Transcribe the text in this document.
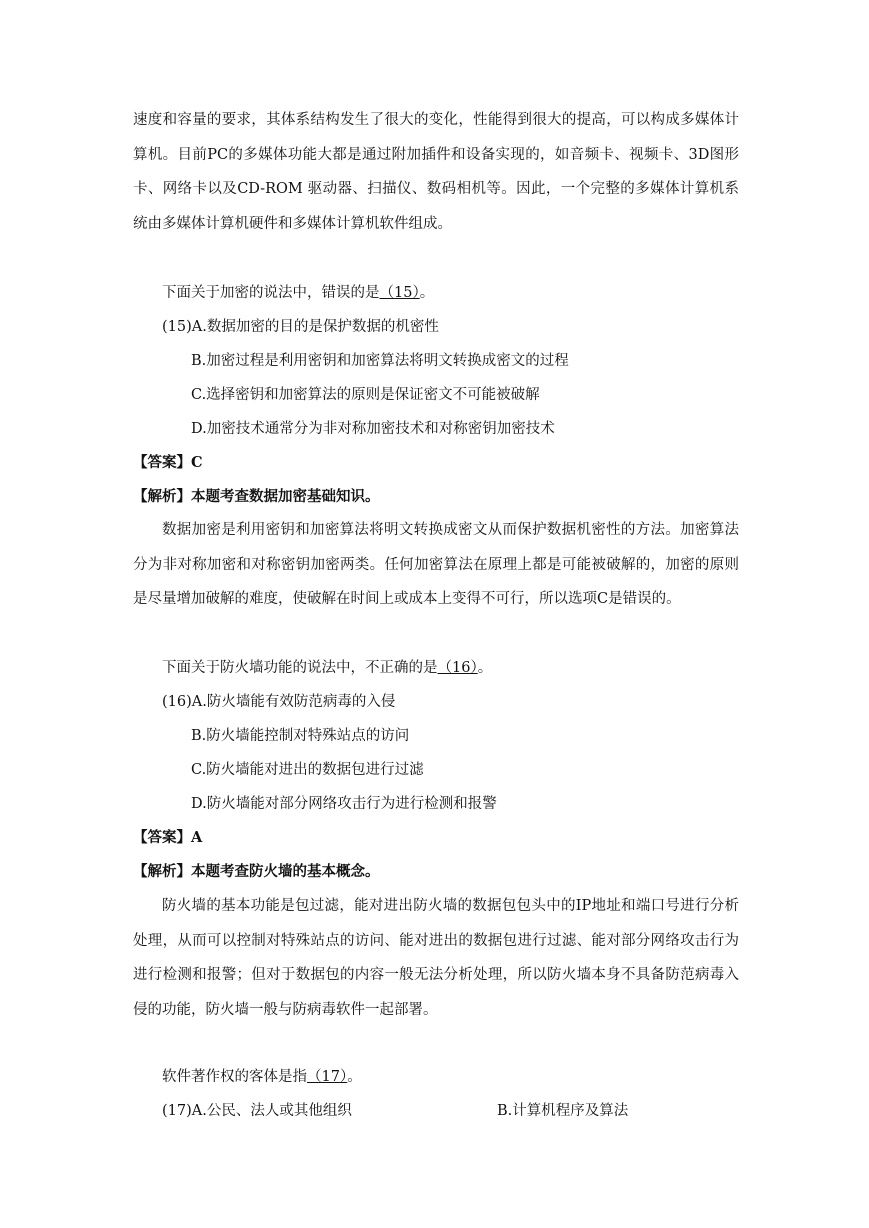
速度和容量的要求，其体系结构发生了很大的变化，性能得到很大的提高，可以构成多媒体计算机。目前PC的多媒体功能大都是通过附加插件和设备实现的，如音频卡、视频卡、3D图形卡、网络卡以及CD-ROM 驱动器、扫描仪、数码相机等。因此，一个完整的多媒体计算机系统由多媒体计算机硬件和多媒体计算机软件组成。
下面关于加密的说法中，错误的是（15）。
(15)A.数据加密的目的是保护数据的机密性
B.加密过程是利用密钥和加密算法将明文转换成密文的过程
C.选择密钥和加密算法的原则是保证密文不可能被破解
D.加密技术通常分为非对称加密技术和对称密钥加密技术
【答案】C
【解析】本题考查数据加密基础知识。
数据加密是利用密钥和加密算法将明文转换成密文从而保护数据机密性的方法。加密算法分为非对称加密和对称密钥加密两类。任何加密算法在原理上都是可能被破解的，加密的原则是尽量增加破解的难度，使破解在时间上或成本上变得不可行，所以选项C是错误的。
下面关于防火墙功能的说法中，不正确的是（16）。
(16)A.防火墙能有效防范病毒的入侵
B.防火墙能控制对特殊站点的访问
C.防火墙能对进出的数据包进行过滤
D.防火墙能对部分网络攻击行为进行检测和报警
【答案】A
【解析】本题考查防火墙的基本概念。
防火墙的基本功能是包过滤，能对进出防火墙的数据包包头中的IP地址和端口号进行分析处理，从而可以控制对特殊站点的访问、能对进出的数据包进行过滤、能对部分网络攻击行为进行检测和报警；但对于数据包的内容一般无法分析处理，所以防火墙本身不具备防范病毒入侵的功能，防火墙一般与防病毒软件一起部署。
软件著作权的客体是指（17）。
(17)A.公民、法人或其他组织	B.计算机程序及算法
